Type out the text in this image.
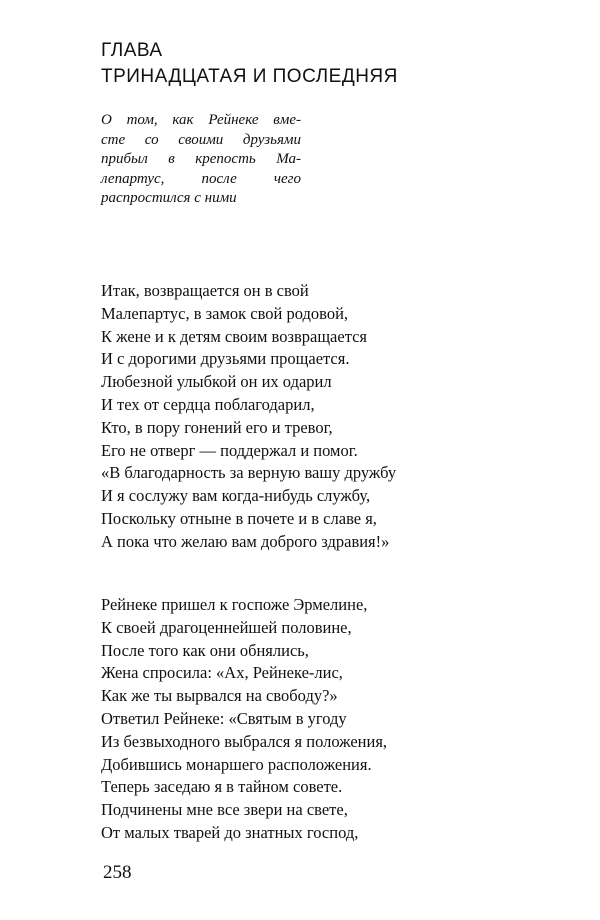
ГЛАВА
ТРИНАДЦАТАЯ И ПОСЛЕДНЯЯ
О том, как Рейнеке вме-
сте со своими друзьями
прибыл в крепость Ма-
лепартус, после чего
распростился с ними
Итак, возвращается он в свой
Малепартус, в замок свой родовой,
К жене и к детям своим возвращается
И с дорогими друзьями прощается.
Любезной улыбкой он их одарил
И тех от сердца поблагодарил,
Кто, в пору гонений его и тревог,
Его не отверг — поддержал и помог.
«В благодарность за верную вашу дружбу
И я сослужу вам когда-нибудь службу,
Поскольку отныне в почете и в славе я,
А пока что желаю вам доброго здравия!»
Рейнеке пришел к госпоже Эрмелине,
К своей драгоценнейшей половине,
После того как они обнялись,
Жена спросила: «Ах, Рейнеке-лис,
Как же ты вырвался на свободу?»
Ответил Рейнеке: «Святым в угоду
Из безвыходного выбрался я положения,
Добившись монаршего расположения.
Теперь заседаю я в тайном совете.
Подчинены мне все звери на свете,
От малых тварей до знатных господ,
258
